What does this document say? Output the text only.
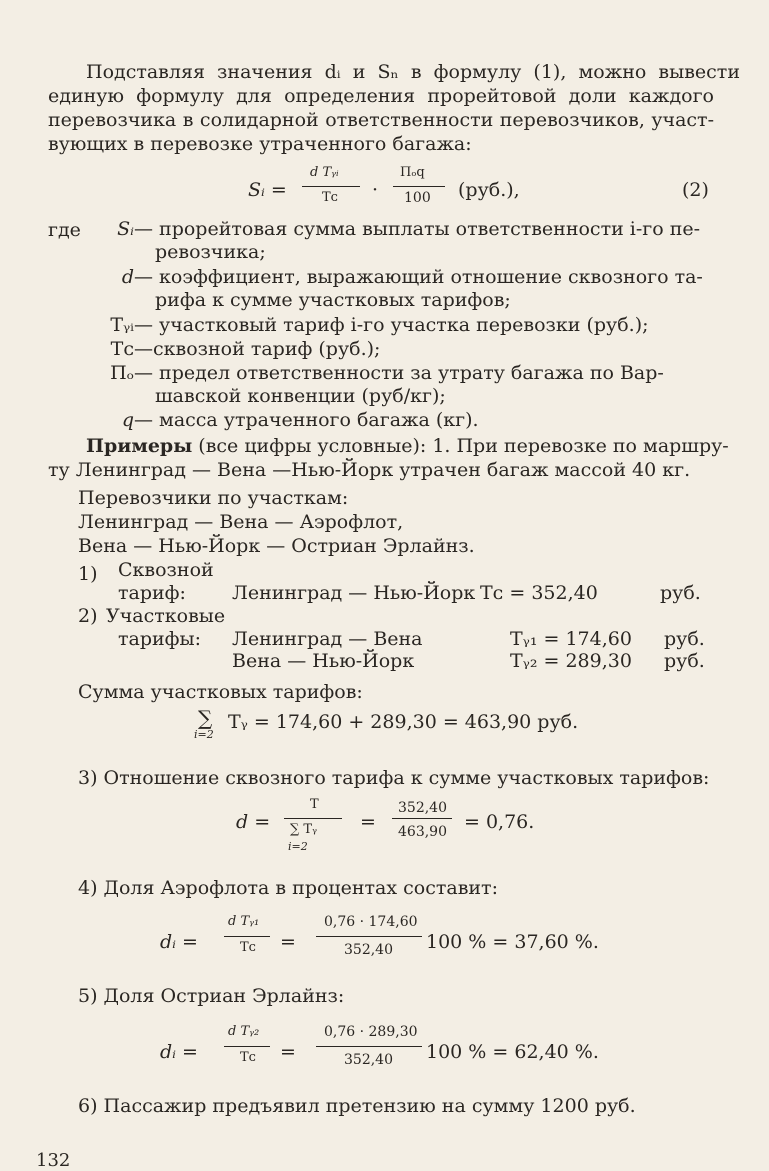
Подставляя значения dᵢ и Sₙ в формулу (1), можно вывести
единую формулу для определения прорейтовой доли каждого
перевозчика в солидарной ответственности перевозчиков, участ-
вующих в перевозке утраченного багажа:
Sᵢ =
d Tᵧᵢ
Tᴄ ·
Пₒq
100 (руб.),	(2)
где	Sᵢ— прорейтовая сумма выплаты ответственности i-го пе-
ревозчика;
d— коэффициент, выражающий отношение сквозного та-
рифа к сумме участковых тарифов;
Tᵧᵢ— участковый тариф i-го участка перевозки (руб.);
Tᴄ—сквозной тариф (руб.);
Пₒ— предел ответственности за утрату багажа по Вар-
шавской конвенции (руб/кг);
q— масса утраченного багажа (кг).
Примеры (все цифры условные): 1. При перевозке по маршру-
ту Ленинград — Вена —Нью-Йорк утрачен багаж массой 40 кг.
Перевозчики по участкам:
Ленинград — Вена — Аэрофлот,
Вена — Нью-Йорк — Остриан Эрлайнз.
1) Сквозной
тариф: Ленинград — Нью-Йорк Tᴄ = 352,40	руб.
2) Участковые
тарифы: Ленинград — Вена	Tᵧ₁ = 174,60 руб.
Вена — Нью-Йорк	Tᵧ₂ = 289,30 руб.
Сумма участковых тарифов:
∑
i=2
Tᵧ = 174,60 + 289,30 = 463,90 руб.
3) Отношение сквозного тарифа к сумме участковых тарифов:
d =
T
∑ Tᵧ
i=2
=
352,40
463,90 = 0,76.
4) Доля Аэрофлота в процентах составит:
dᵢ =
d Tᵧ₁
Tᴄ =
0,76 · 174,60
352,40 100 % = 37,60 %.
5) Доля Остриан Эрлайнз:
dᵢ =
d Tᵧ₂
Tᴄ =
0,76 · 289,30
352,40 100 % = 62,40 %.
6) Пассажир предъявил претензию на сумму 1200 руб.
132
